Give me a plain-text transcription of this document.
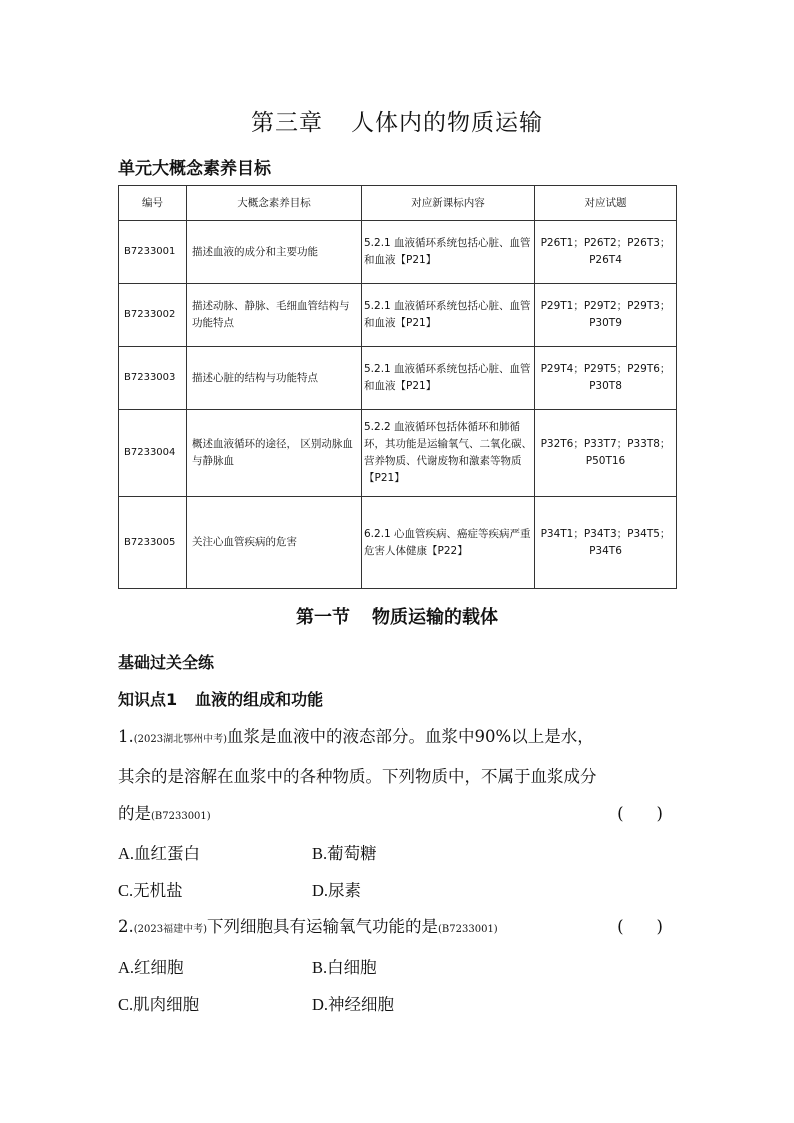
第三章 人体内的物质运输
单元大概念素养目标
编号	大概念素养目标	对应新课标内容	对应试题
B7233001	描述血液的成分和主要功能	5.2.1 血液循环系统包括心脏、血管和血液【P21】	P26T1；P26T2；P26T3；P26T4
B7233002	描述动脉、静脉、毛细血管结构与功能特点	5.2.1 血液循环系统包括心脏、血管和血液【P21】	P29T1；P29T2；P29T3；P30T9
B7233003	描述心脏的结构与功能特点	5.2.1 血液循环系统包括心脏、血管和血液【P21】	P29T4；P29T5；P29T6；P30T8
B7233004	概述血液循环的途径， 区别动脉血与静脉血	5.2.2 血液循环包括体循环和肺循环，其功能是运输氧气、二氧化碳、营养物质、代谢废物和激素等物质【P21】	P32T6；P33T7；P33T8；P50T16
B7233005	关注心血管疾病的危害	6.2.1 心血管疾病、癌症等疾病严重危害人体健康【P22】	P34T1；P34T3；P34T5；P34T6
第一节 物质运输的载体
基础过关全练
知识点1 血液的组成和功能
1.(2023湖北鄂州中考)血浆是血液中的液态部分。血浆中90%以上是水，
其余的是溶解在血浆中的各种物质。下列物质中，不属于血浆成分
的是(B7233001)	(　　)
A.血红蛋白	B.葡萄糖
C.无机盐	D.尿素
2.(2023福建中考)下列细胞具有运输氧气功能的是(B7233001)	(　　)
A.红细胞	B.白细胞
C.肌肉细胞	D.神经细胞
